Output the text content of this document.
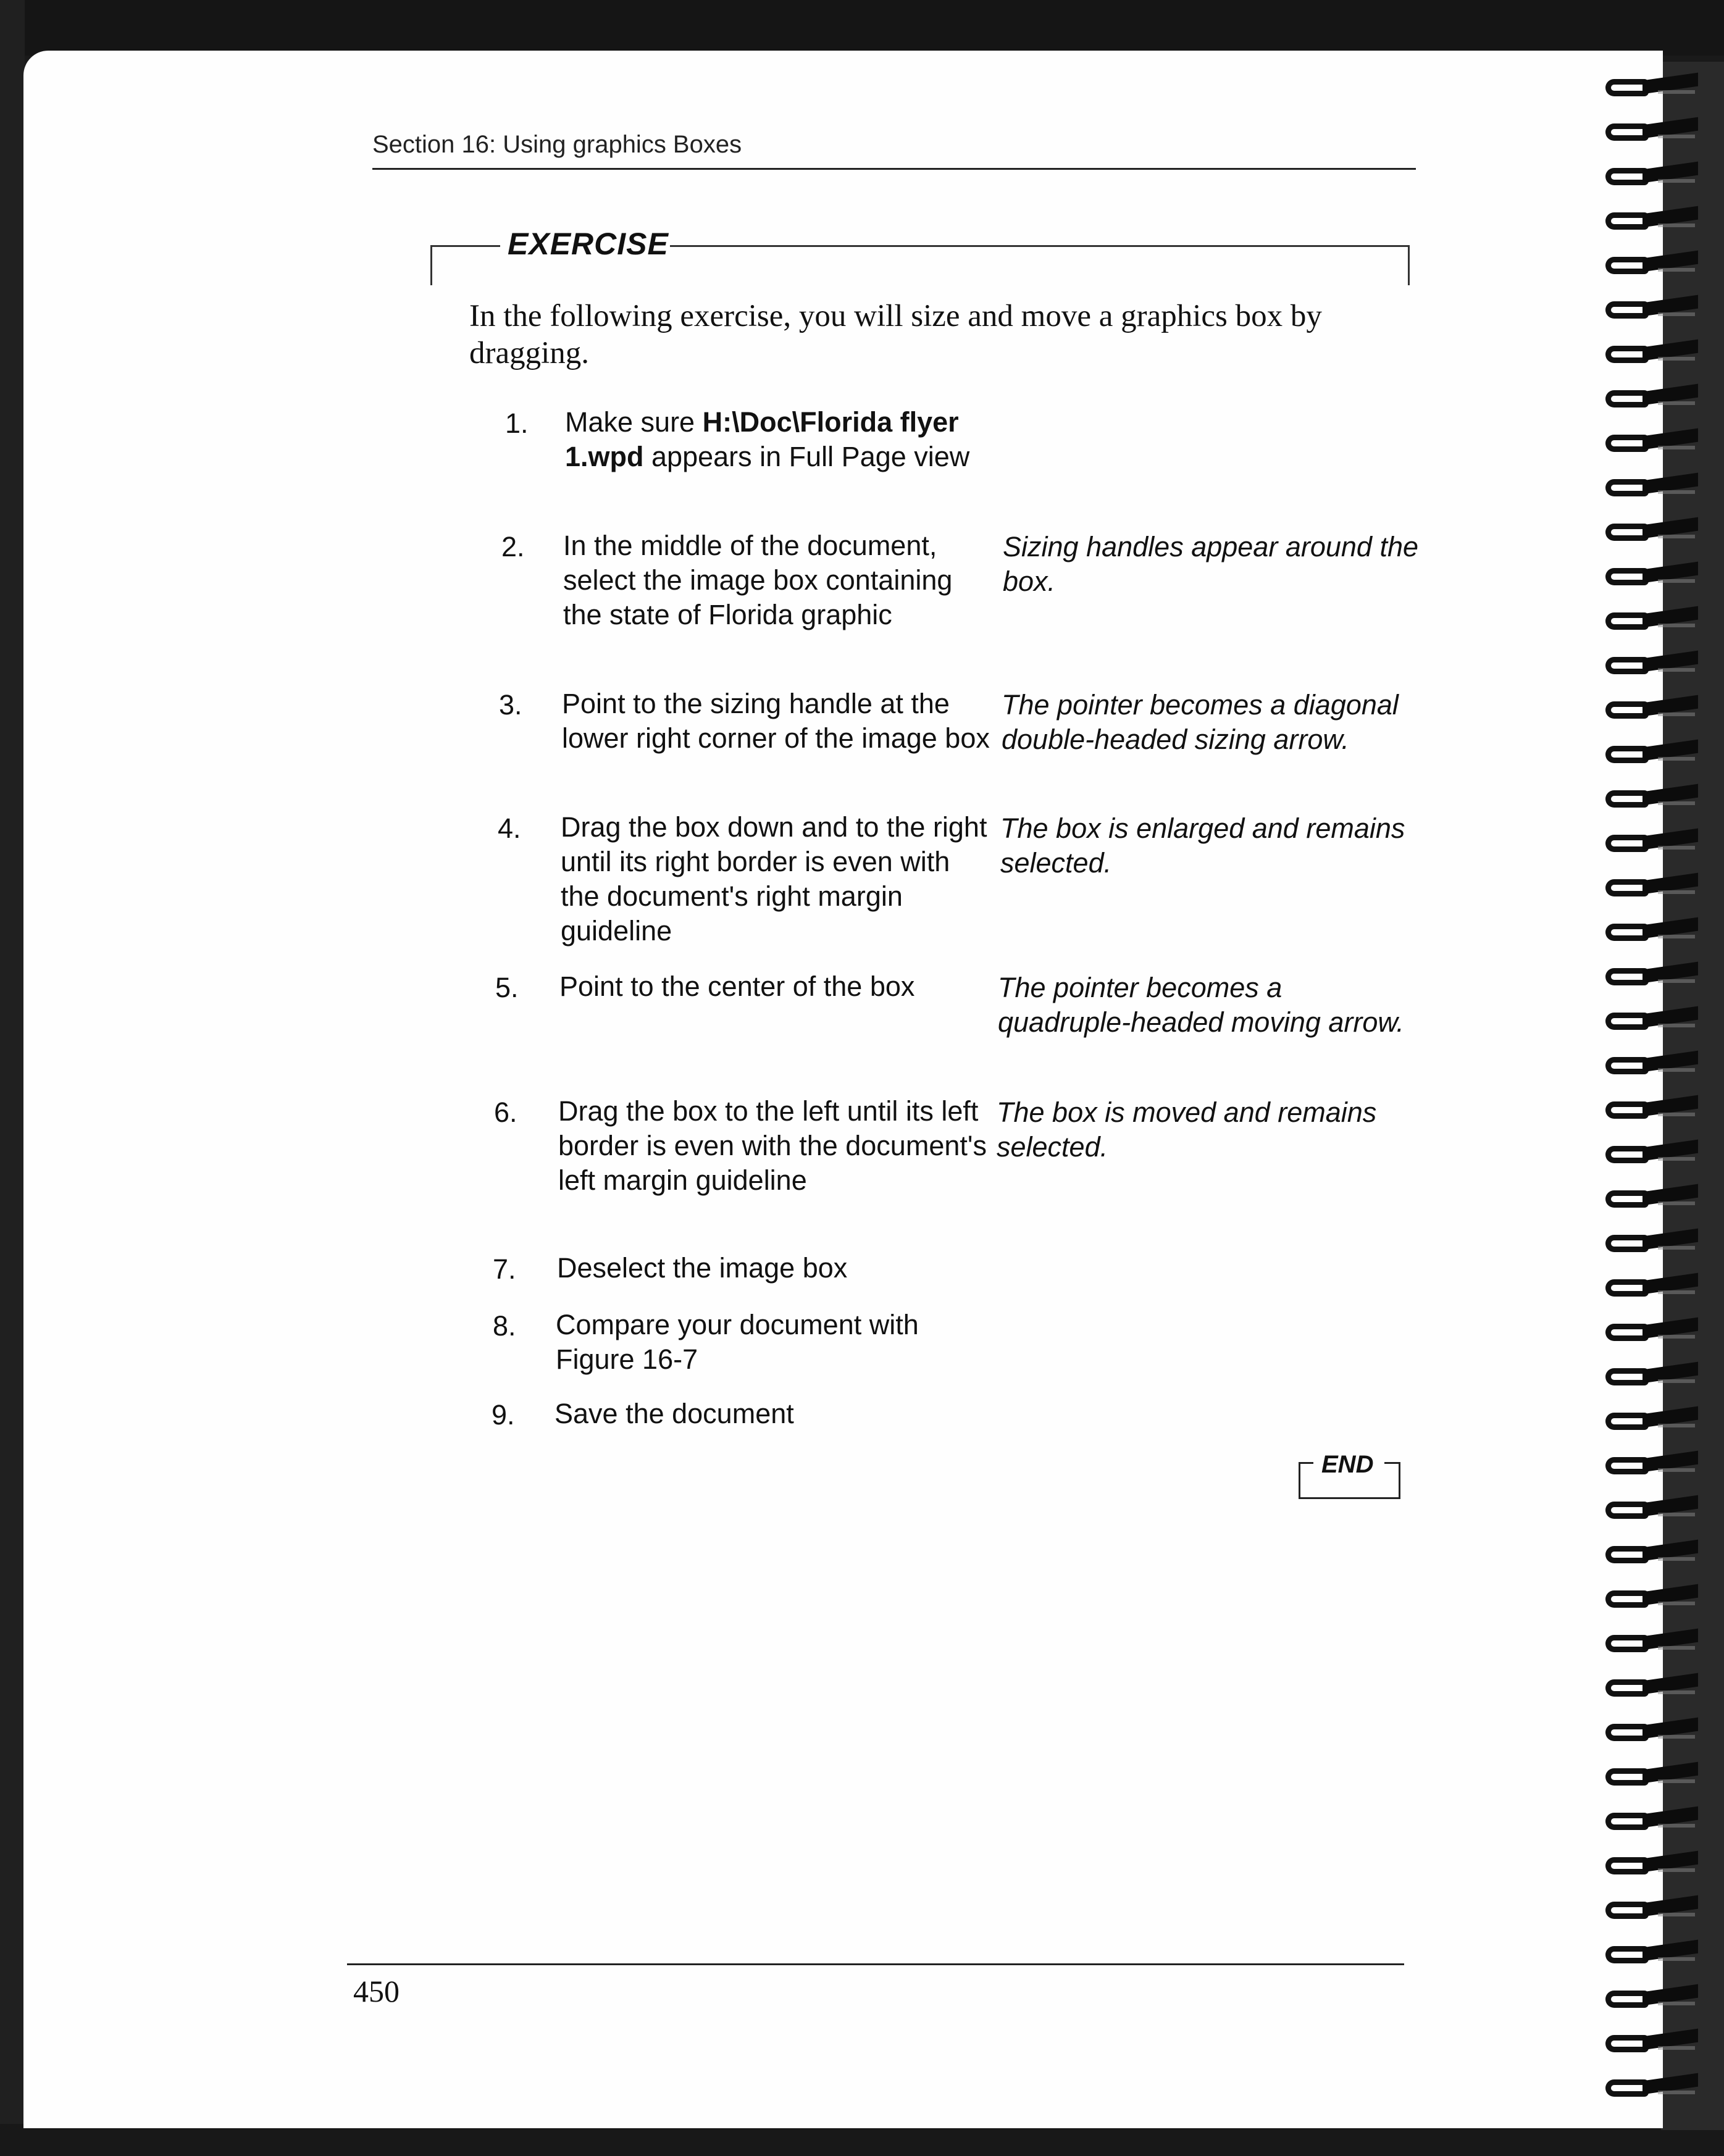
Section 16: Using graphics Boxes
EXERCISE
In the following exercise, you will size and move a graphics box by dragging.
1. Make sure H:\Doc\Florida flyer 1.wpd appears in Full Page view
2. In the middle of the document, select the image box containing the state of Florida graphic
Sizing handles appear around the box.
3. Point to the sizing handle at the lower right corner of the image box
The pointer becomes a diagonal double-headed sizing arrow.
4. Drag the box down and to the right until its right border is even with the document's right margin guideline
The box is enlarged and remains selected.
5. Point to the center of the box	The pointer becomes a quadruple-headed moving arrow.
6. Drag the box to the left until its left border is even with the document's left margin guideline
The box is moved and remains selected.
7. Deselect the image box
8. Compare your document with Figure 16-7
9. Save the document
END
450
